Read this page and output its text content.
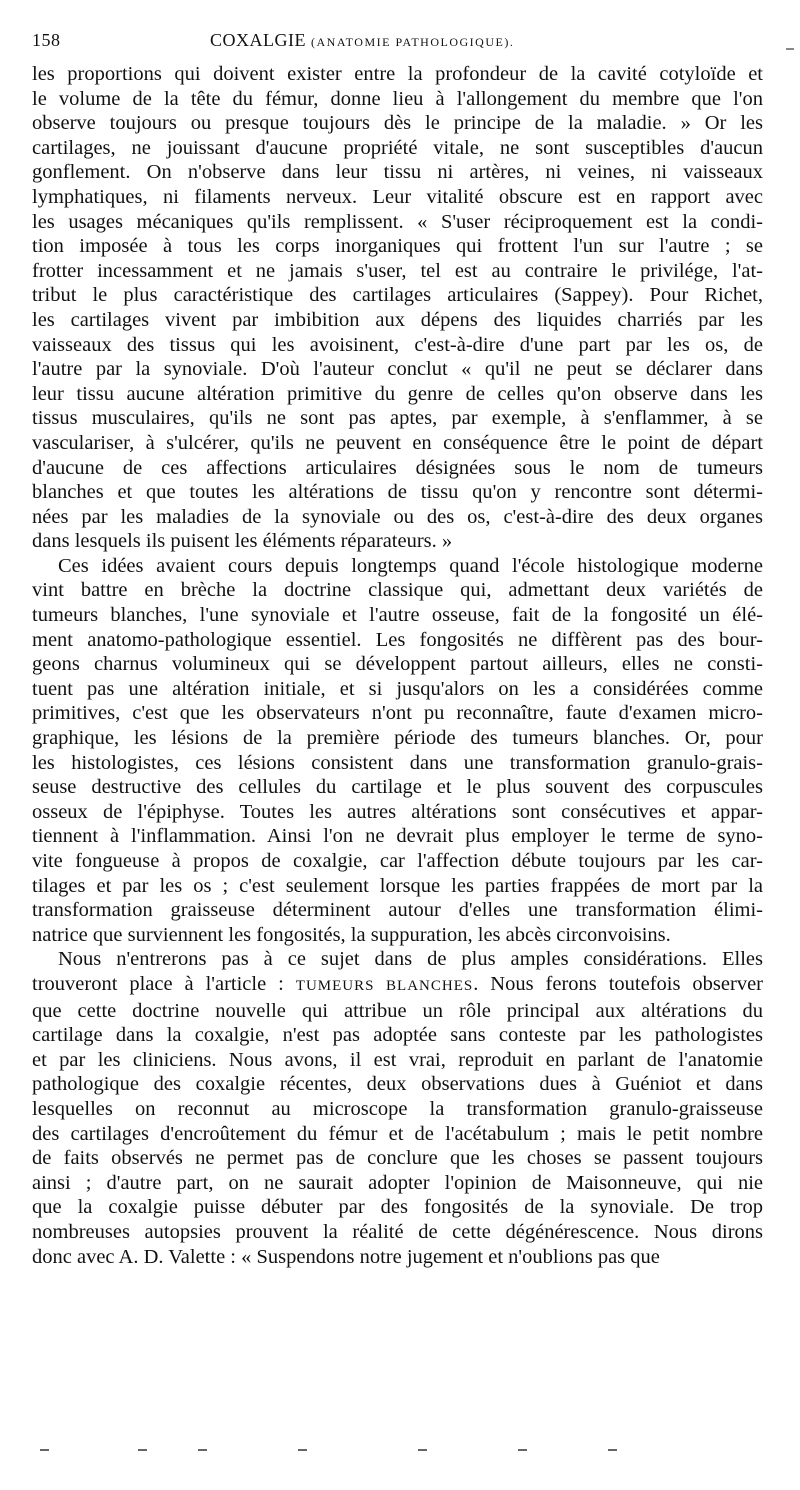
158	COXALGIE (ANATOMIE PATHOLOGIQUE).

les proportions qui doivent exister entre la profondeur de la cavité cotyloïde et
le volume de la tête du fémur, donne lieu à l'allongement du membre que l'on
observe toujours ou presque toujours dès le principe de la maladie. » Or les
cartilages, ne jouissant d'aucune propriété vitale, ne sont susceptibles d'aucun
gonflement. On n'observe dans leur tissu ni artères, ni veines, ni vaisseaux
lymphatiques, ni filaments nerveux. Leur vitalité obscure est en rapport avec
les usages mécaniques qu'ils remplissent. « S'user réciproquement est la condi-
tion imposée à tous les corps inorganiques qui frottent l'un sur l'autre ; se
frotter incessamment et ne jamais s'user, tel est au contraire le privilége, l'at-
tribut le plus caractéristique des cartilages articulaires (Sappey). Pour Richet,
les cartilages vivent par imbibition aux dépens des liquides charriés par les
vaisseaux des tissus qui les avoisinent, c'est-à-dire d'une part par les os, de
l'autre par la synoviale. D'où l'auteur conclut « qu'il ne peut se déclarer dans
leur tissu aucune altération primitive du genre de celles qu'on observe dans les
tissus musculaires, qu'ils ne sont pas aptes, par exemple, à s'enflammer, à se
vasculariser, à s'ulcérer, qu'ils ne peuvent en conséquence être le point de départ
d'aucune de ces affections articulaires désignées sous le nom de tumeurs
blanches et que toutes les altérations de tissu qu'on y rencontre sont détermi-
nées par les maladies de la synoviale ou des os, c'est-à-dire des deux organes
dans lesquels ils puisent les éléments réparateurs. »

Ces idées avaient cours depuis longtemps quand l'école histologique moderne
vint battre en brèche la doctrine classique qui, admettant deux variétés de
tumeurs blanches, l'une synoviale et l'autre osseuse, fait de la fongosité un élé-
ment anatomo-pathologique essentiel. Les fongosités ne diffèrent pas des bour-
geons charnus volumineux qui se développent partout ailleurs, elles ne consti-
tuent pas une altération initiale, et si jusqu'alors on les a considérées comme
primitives, c'est que les observateurs n'ont pu reconnaître, faute d'examen micro-
graphique, les lésions de la première période des tumeurs blanches. Or, pour
les histologistes, ces lésions consistent dans une transformation granulo-grais-
seuse destructive des cellules du cartilage et le plus souvent des corpuscules
osseux de l'épiphyse. Toutes les autres altérations sont consécutives et appar-
tiennent à l'inflammation. Ainsi l'on ne devrait plus employer le terme de syno-
vite fongueuse à propos de coxalgie, car l'affection débute toujours par les car-
tilages et par les os ; c'est seulement lorsque les parties frappées de mort par la
transformation graisseuse déterminent autour d'elles une transformation élimi-
natrice que surviennent les fongosités, la suppuration, les abcès circonvoisins.

Nous n'entrerons pas à ce sujet dans de plus amples considérations. Elles
trouveront place à l'article : TUMEURS BLANCHES. Nous ferons toutefois observer
que cette doctrine nouvelle qui attribue un rôle principal aux altérations du
cartilage dans la coxalgie, n'est pas adoptée sans conteste par les pathologistes
et par les cliniciens. Nous avons, il est vrai, reproduit en parlant de l'anatomie
pathologique des coxalgie récentes, deux observations dues à Guéniot et dans
lesquelles on reconnut au microscope la transformation granulo-graisseuse
des cartilages d'encroûtement du fémur et de l'acétabulum ; mais le petit nombre
de faits observés ne permet pas de conclure que les choses se passent toujours
ainsi ; d'autre part, on ne saurait adopter l'opinion de Maisonneuve, qui nie
que la coxalgie puisse débuter par des fongosités de la synoviale. De trop
nombreuses autopsies prouvent la réalité de cette dégénérescence. Nous dirons
donc avec A. D. Valette : « Suspendons notre jugement et n'oublions pas que
